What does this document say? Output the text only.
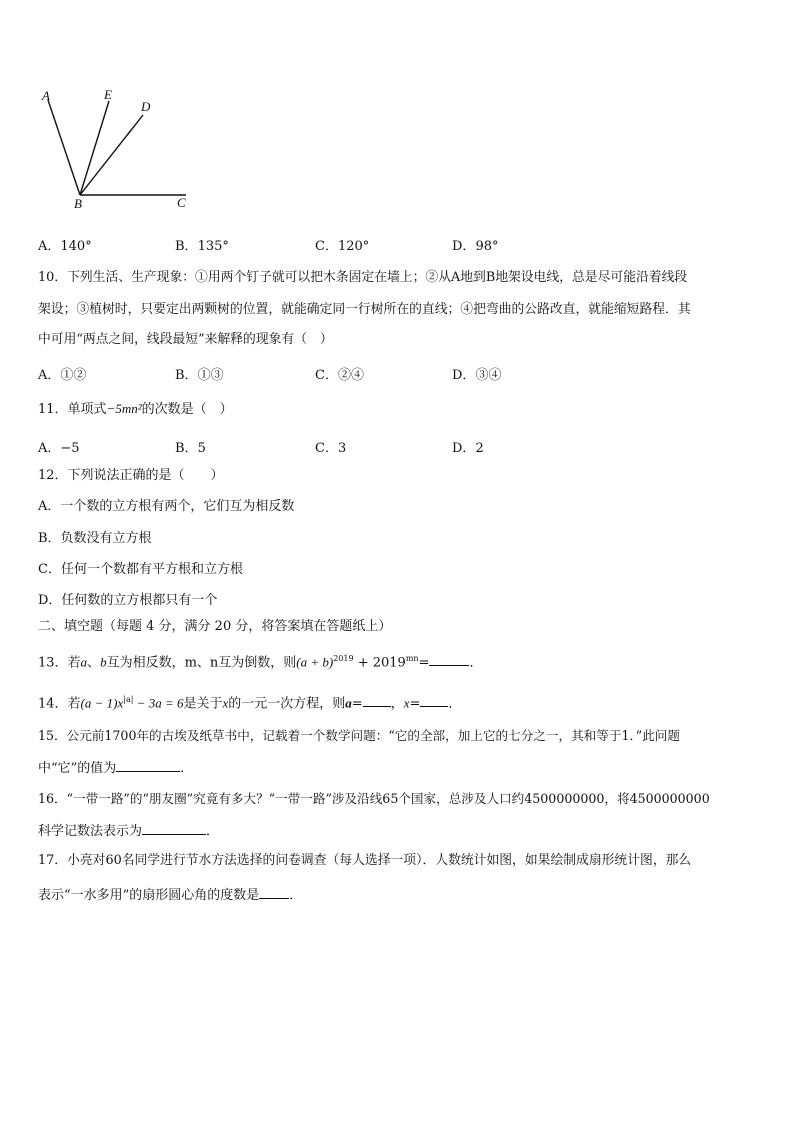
A	E
D
B	C
A．140°	B．135°	C．120°	D．98°
10．下列生活、生产现象：①用两个钉子就可以把木条固定在墙上；②从A地到B地架设电线，总是尽可能沿着线段
架设；③植树时，只要定出两颗树的位置，就能确定同一行树所在的直线；④把弯曲的公路改直，就能缩短路程．其
中可用“两点之间，线段最短”来解释的现象有（　）
A．①②	B．①③	C．②④	D．③④
11．单项式−5mn²的次数是（　）
A．−5	B．5	C．3	D．2
12．下列说法正确的是（　　）
A．一个数的立方根有两个，它们互为相反数
B．负数没有立方根
C．任何一个数都有平方根和立方根
D．任何数的立方根都只有一个
二、填空题（每题 4 分，满分 20 分，将答案填在答题纸上）
13．若a、b互为相反数，m、n互为倒数，则$(a + b)^{2019} + 2019^{mn}=$	．
14．若$(a - 1)x^{|a|} - 3a = 6$是关于x的一元一次方程，则a= ，x= ．
15．公元前1700年的古埃及纸草书中，记载着一个数学问题：“它的全部，加上它的七分之一，其和等于1．”此问题
中“它”的值为	．
16．“一带一路”的“朋友圈”究竟有多大？“一带一路”涉及沿线65个国家，总涉及人口约4500000000，将4500000000
科学记数法表示为	．
17．小亮对60名同学进行节水方法选择的问卷调查（每人选择一项）．人数统计如图，如果绘制成扇形统计图，那么
表示“一水多用”的扇形圆心角的度数是 ．
